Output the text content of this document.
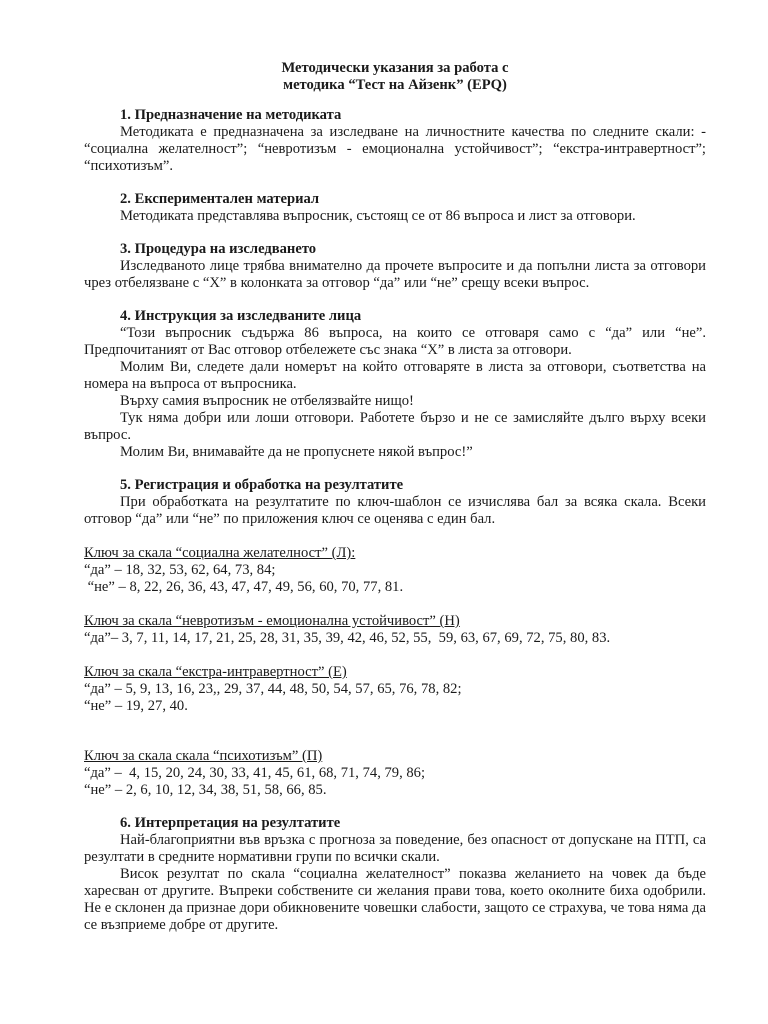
Методически указания за работа с
методика “Тест на Айзенк” (EPQ)

1. Предназначение на методиката

Методиката е предназначена за изследване на личностните качества по следните скали: - “социална желателност”; “невротизъм - емоционална устойчивост”; “екстра-интравертност”; “психотизъм”.

2. Експериментален материал

Методиката представлява въпросник, състоящ се от 86 въпроса и лист за отговори.

3. Процедура на изследването

Изследваното лице трябва внимателно да прочете въпросите и да попълни листа за отговори чрез отбелязване с “Х” в колонката за отговор “да” или “не” срещу всеки въпрос.

4. Инструкция за изследваните лица

“Този въпросник съдържа 86 въпроса, на които се отговаря само с “да” или “не”. Предпочитаният от Вас отговор отбележете със знака “Х” в листа за отговори.

Молим Ви, следете дали номерът на който отговаряте в листа за отговори, съответства на номера на въпроса от въпросника.

Върху самия въпросник не отбелязвайте нищо!

Тук няма добри или лоши отговори. Работете бързо и не се замисляйте дълго върху всеки въпрос.

Молим Ви, внимавайте да не пропуснете някой въпрос!”

5. Регистрация и обработка на резултатите

При обработката на резултатите по ключ-шаблон се изчислява бал за всяка скала. Всеки отговор “да” или “не” по приложения ключ се оценява с един бал.

Ключ за скала “социална желателност” (Л):

“да” – 18, 32, 53, 62, 64, 73, 84;

“не” – 8, 22, 26, 36, 43, 47, 47, 49, 56, 60, 70, 77, 81.

Ключ за скала “невротизъм - емоционална устойчивост” (Н)

“да”– 3, 7, 11, 14, 17, 21, 25, 28, 31, 35, 39, 42, 46, 52, 55,  59, 63, 67, 69, 72, 75, 80, 83.

Ключ за скала “екстра-интравертност” (Е)

“да” – 5, 9, 13, 16, 23,, 29, 37, 44, 48, 50, 54, 57, 65, 76, 78, 82;

“не” – 19, 27, 40.

Ключ за скала скала “психотизъм” (П)

“да” –  4, 15, 20, 24, 30, 33, 41, 45, 61, 68, 71, 74, 79, 86;

“не” – 2, 6, 10, 12, 34, 38, 51, 58, 66, 85.

6. Интерпретация на резултатите

Най-благоприятни във връзка с прогноза за поведение, без опасност от допускане на ПТП, са резултати в средните нормативни групи по всички скали.

Висок резултат по скала “социална желателност” показва желанието на човек да бъде харесван от другите. Въпреки собствените си желания прави това, което околните биха одобрили. Не е склонен да признае дори обикновените човешки слабости, защото се страхува, че това няма да се възприеме добре от другите.
